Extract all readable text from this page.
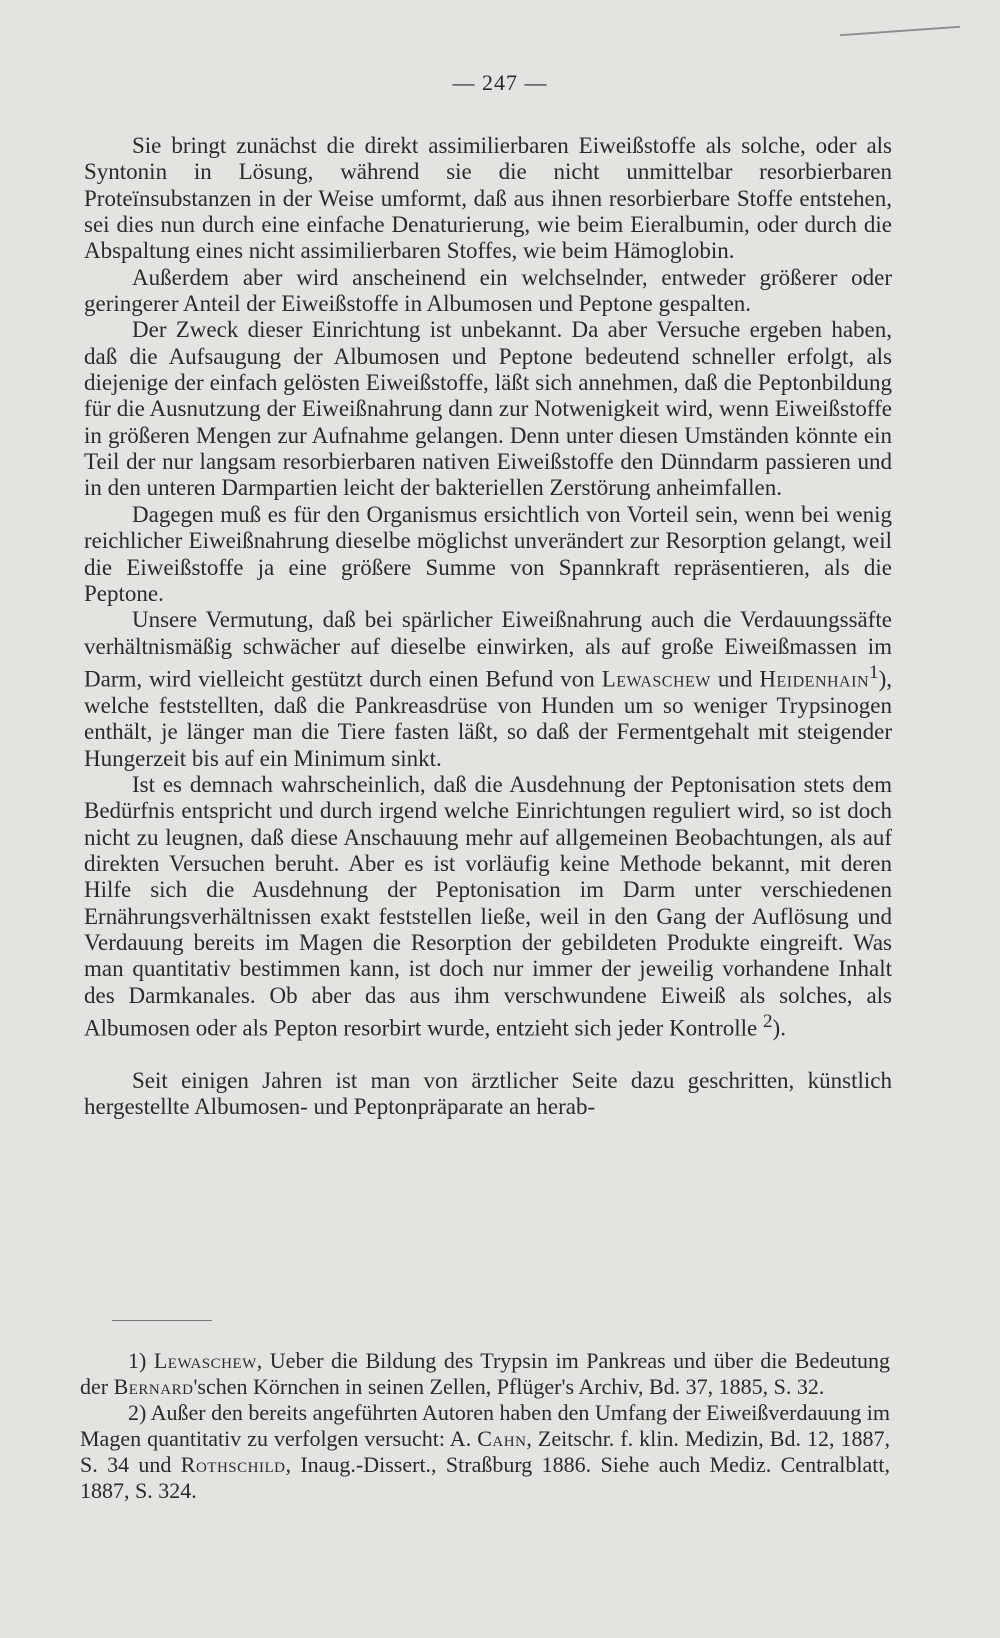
— 247 —

Sie bringt zunächst die direkt assimilierbaren Eiweißstoffe als solche, oder als Syntonin in Lösung, während sie die nicht unmittelbar resorbierbaren Proteïnsubstanzen in der Weise umformt, daß aus ihnen resorbierbare Stoffe entstehen, sei dies nun durch eine einfache Denaturierung, wie beim Eieralbumin, oder durch die Abspaltung eines nicht assimilierbaren Stoffes, wie beim Hämoglobin.

Außerdem aber wird anscheinend ein welchselnder, entweder größerer oder geringerer Anteil der Eiweißstoffe in Albumosen und Peptone gespalten.

Der Zweck dieser Einrichtung ist unbekannt. Da aber Versuche ergeben haben, daß die Aufsaugung der Albumosen und Peptone bedeutend schneller erfolgt, als diejenige der einfach gelösten Eiweißstoffe, läßt sich annehmen, daß die Peptonbildung für die Ausnutzung der Eiweißnahrung dann zur Notwenigkeit wird, wenn Eiweißstoffe in größeren Mengen zur Aufnahme gelangen. Denn unter diesen Umständen könnte ein Teil der nur langsam resorbierbaren nativen Eiweißstoffe den Dünndarm passieren und in den unteren Darmpartien leicht der bakteriellen Zerstörung anheimfallen.

Dagegen muß es für den Organismus ersichtlich von Vorteil sein, wenn bei wenig reichlicher Eiweißnahrung dieselbe möglichst unverändert zur Resorption gelangt, weil die Eiweißstoffe ja eine größere Summe von Spannkraft repräsentieren, als die Peptone.

Unsere Vermutung, daß bei spärlicher Eiweißnahrung auch die Verdauungssäfte verhältnismäßig schwächer auf dieselbe einwirken, als auf große Eiweißmassen im Darm, wird vielleicht gestützt durch einen Befund von Lewaschew und Heidenhain$^1$), welche feststellten, daß die Pankreasdrüse von Hunden um so weniger Trypsinogen enthält, je länger man die Tiere fasten läßt, so daß der Fermentgehalt mit steigender Hungerzeit bis auf ein Minimum sinkt.

Ist es demnach wahrscheinlich, daß die Ausdehnung der Peptonisation stets dem Bedürfnis entspricht und durch irgend welche Einrichtungen reguliert wird, so ist doch nicht zu leugnen, daß diese Anschauung mehr auf allgemeinen Beobachtungen, als auf direkten Versuchen beruht. Aber es ist vorläufig keine Methode bekannt, mit deren Hilfe sich die Ausdehnung der Peptonisation im Darm unter verschiedenen Ernährungsverhältnissen exakt feststellen ließe, weil in den Gang der Auflösung und Verdauung bereits im Magen die Resorption der gebildeten Produkte eingreift. Was man quantitativ bestimmen kann, ist doch nur immer der jeweilig vorhandene Inhalt des Darmkanales. Ob aber das aus ihm verschwundene Eiweiß als solches, als Albumosen oder als Pepton resorbirt wurde, entzieht sich jeder Kontrolle $^2$).

Seit einigen Jahren ist man von ärztlicher Seite dazu geschritten, künstlich hergestellte Albumosen- und Peptonpräparate an herab-

1) Lewaschew, Ueber die Bildung des Trypsin im Pankreas und über die Bedeutung der Bernard'schen Körnchen in seinen Zellen, Pflüger's Archiv, Bd. 37, 1885, S. 32.

2) Außer den bereits angeführten Autoren haben den Umfang der Eiweißverdauung im Magen quantitativ zu verfolgen versucht: A. Cahn, Zeitschr. f. klin. Medizin, Bd. 12, 1887, S. 34 und Rothschild, Inaug.-Dissert., Straßburg 1886. Siehe auch Mediz. Centralblatt, 1887, S. 324.
